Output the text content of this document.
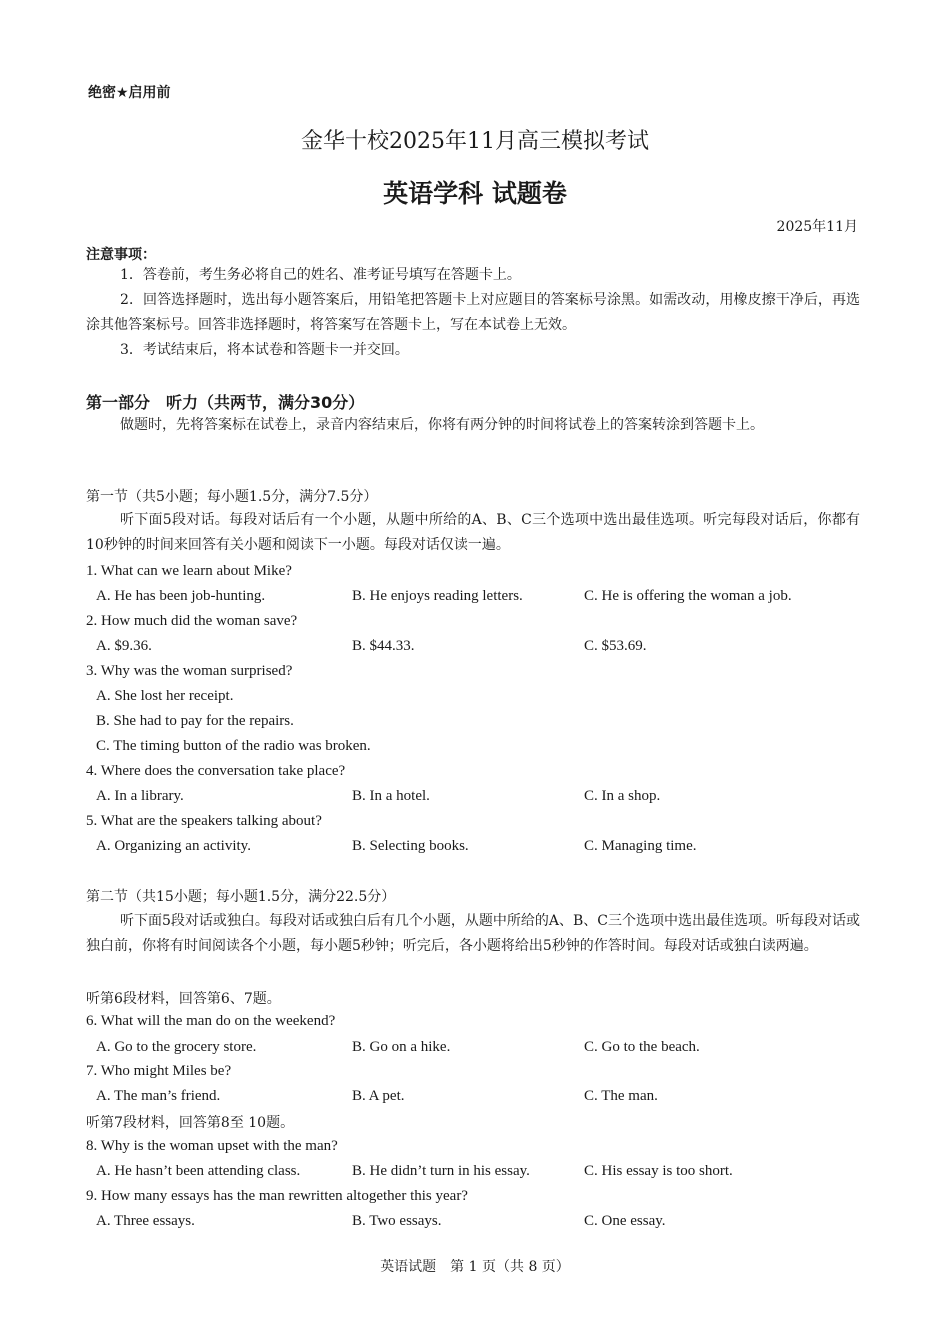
绝密★启用前
金华十校2025年11月高三模拟考试
英语学科 试题卷
2025年11月
注意事项：
1．答卷前，考生务必将自己的姓名、准考证号填写在答题卡上。
2．回答选择题时，选出每小题答案后，用铅笔把答题卡上对应题目的答案标号涂黑。如需改动，用橡皮擦干净后，再选涂其他答案标号。回答非选择题时，将答案写在答题卡上，写在本试卷上无效。
3．考试结束后，将本试卷和答题卡一并交回。
第一部分　听力（共两节，满分30分）
做题时，先将答案标在试卷上，录音内容结束后，你将有两分钟的时间将试卷上的答案转涂到答题卡上。
第一节（共5小题；每小题1.5分，满分7.5分）
听下面5段对话。每段对话后有一个小题，从题中所给的A、B、C三个选项中选出最佳选项。听完每段对话后，你都有10秒钟的时间来回答有关小题和阅读下一小题。每段对话仅读一遍。
1. What can we learn about Mike?
A. He has been job-hunting.	B. He enjoys reading letters.	C. He is offering the woman a job.
2. How much did the woman save?
A. $9.36.	B. $44.33.	C. $53.69.
3. Why was the woman surprised?
A. She lost her receipt.
B. She had to pay for the repairs.
C. The timing button of the radio was broken.
4. Where does the conversation take place?
A. In a library.	B. In a hotel.	C. In a shop.
5. What are the speakers talking about?
A. Organizing an activity.	B. Selecting books.	C. Managing time.
第二节（共15小题；每小题1.5分，满分22.5分）
听下面5段对话或独白。每段对话或独白后有几个小题，从题中所给的A、B、C三个选项中选出最佳选项。听每段对话或独白前，你将有时间阅读各个小题，每小题5秒钟；听完后，各小题将给出5秒钟的作答时间。每段对话或独白读两遍。
听第6段材料，回答第6、7题。
6. What will the man do on the weekend?
A. Go to the grocery store.	B. Go on a hike.	C. Go to the beach.
7. Who might Miles be?
A. The man’s friend.	B. A pet.	C. The man.
听第7段材料，回答第8至 10题。
8. Why is the woman upset with the man?
A. He hasn’t been attending class.	B. He didn’t turn in his essay.	C. His essay is too short.
9. How many essays has the man rewritten altogether this year?
A. Three essays.	B. Two essays.	C. One essay.
英语试题　第 1 页（共 8 页）
